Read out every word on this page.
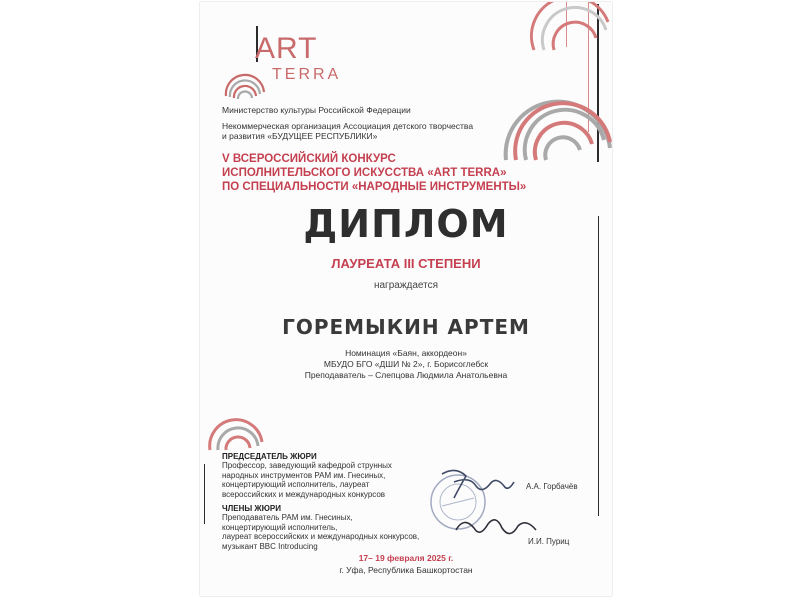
ART
TERRA
Министерство культуры Российской Федерации
Некоммерческая организация Ассоциация детского творчества
и развития «БУДУЩЕЕ РЕСПУБЛИКИ»
V ВСЕРОССИЙСКИЙ КОНКУРС
ИСПОЛНИТЕЛЬСКОГО ИСКУССТВА «ART TERRA»
ПО СПЕЦИАЛЬНОСТИ «НАРОДНЫЕ ИНСТРУМЕНТЫ»
ДИПЛОМ
ЛАУРЕАТА III СТЕПЕНИ
награждается
ГОРЕМЫКИН АРТЕМ
Номинация «Баян, аккордеон»
МБУДО БГО «ДШИ № 2», г. Борисоглебск
Преподаватель – Слепцова Людмила Анатольевна
ПРЕДСЕДАТЕЛЬ ЖЮРИ
Профессор, заведующий кафедрой струнных
народных инструментов РАМ им. Гнесиных,
концертирующий исполнитель, лауреат
всероссийских и международных конкурсов
ЧЛЕНЫ ЖЮРИ
Преподаватель РАМ им. Гнесиных,
концертирующий исполнитель,
лауреат всероссийских и международных конкурсов,
музыкант BBC Introducing
А.А. Горбачёв
И.И. Пуриц
17– 19 февраля 2025 г.
г. Уфа, Республика Башкортостан
